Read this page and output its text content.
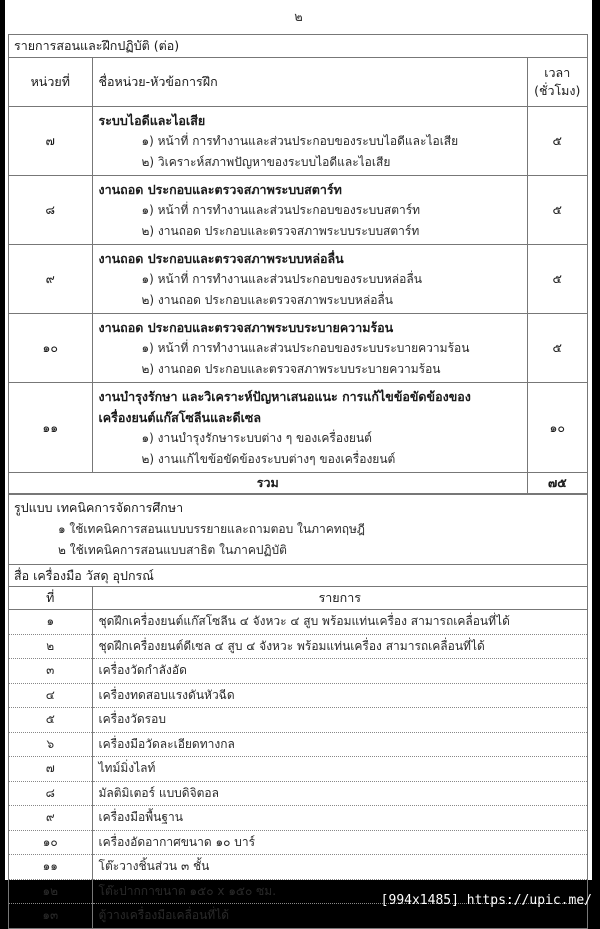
๒
รายการสอนและฝึกปฏิบัติ (ต่อ)
หน่วยที่	ชื่อหน่วย-หัวข้อการฝึก	เวลา
(ชั่วโมง)

๗	ระบบไอดีและไอเสีย
๑) หน้าที่ การทำงานและส่วนประกอบของระบบไอดีและไอเสีย
๒) วิเคราะห์สภาพปัญหาของระบบไอดีและไอเสีย	๕
๘	งานถอด ประกอบและตรวจสภาพระบบสตาร์ท
๑) หน้าที่ การทำงานและส่วนประกอบของระบบสตาร์ท
๒) งานถอด ประกอบและตรวจสภาพระบบระบบสตาร์ท	๕
๙	งานถอด ประกอบและตรวจสภาพระบบหล่อลื่น
๑) หน้าที่ การทำงานและส่วนประกอบของระบบหล่อลื่น
๒) งานถอด ประกอบและตรวจสภาพระบบหล่อลื่น	๕
๑๐	งานถอด ประกอบและตรวจสภาพระบบระบายความร้อน
๑) หน้าที่ การทำงานและส่วนประกอบของระบบระบายความร้อน
๒) งานถอด ประกอบและตรวจสภาพระบบระบายความร้อน	๕
๑๑	งานบำรุงรักษา และวิเคราะห์ปัญหาเสนอแนะ การแก้ไขข้อขัดข้องของเครื่องยนต์แก๊สโซลีนและดีเซล
๑) งานบำรุงรักษาระบบต่าง ๆ ของเครื่องยนต์
๒) งานแก้ไขข้อขัดข้องระบบต่างๆ ของเครื่องยนต์	๑๐
รวม		๗๕
รูปแบบ เทคนิคการจัดการศึกษา
๑ ใช้เทคนิคการสอนแบบบรรยายและถามตอบ ในภาคทฤษฎี
๒ ใช้เทคนิคการสอนแบบสาธิต ในภาคปฏิบัติ
สื่อ เครื่องมือ วัสดุ อุปกรณ์
ที่	รายการ
๑	ชุดฝึกเครื่องยนต์แก๊สโซลีน ๔ จังหวะ ๔ สูบ พร้อมแท่นเครื่อง สามารถเคลื่อนที่ได้
๒	ชุดฝึกเครื่องยนต์ดีเซล ๔ สูบ ๔ จังหวะ พร้อมแท่นเครื่อง สามารถเคลื่อนที่ได้
๓	เครื่องวัดกำลังอัด
๔	เครื่องทดสอบแรงดันหัวฉีด
๕	เครื่องวัดรอบ
๖	เครื่องมือวัดละเอียดทางกล
๗	ไทม์มิ่งไลท์
๘	มัลติมิเตอร์ แบบดิจิตอล
๙	เครื่องมือพื้นฐาน
๑๐	เครื่องอัดอากาศขนาด ๑๐ บาร์
๑๑	โต๊ะวางชิ้นส่วน ๓ ชั้น
๑๒	โต๊ะปากกาขนาด ๑๕๐ x ๑๕๐ ซม.
๑๓	ตู้วางเครื่องมือเคลื่อนที่ได้
[994x1485] https://upic.me/
